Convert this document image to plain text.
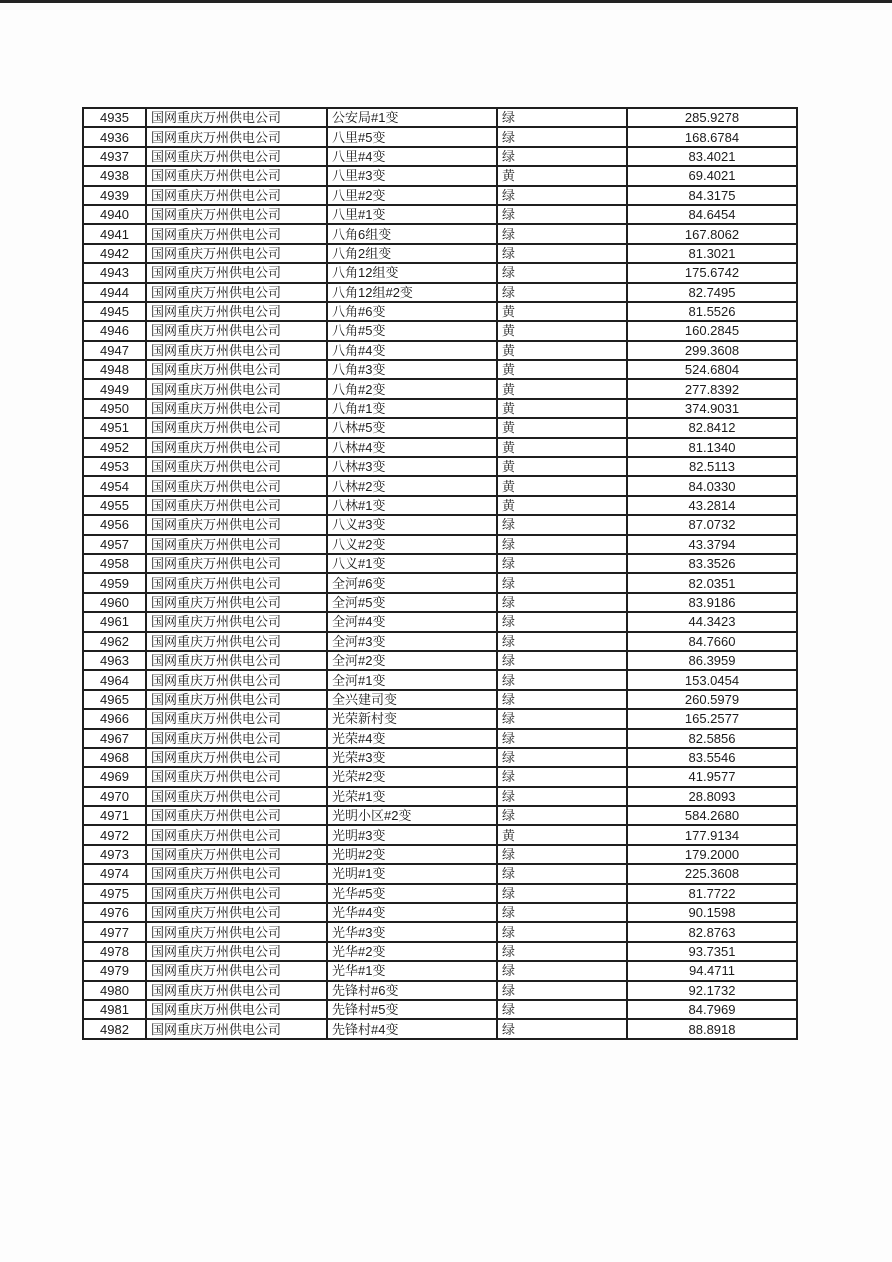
4935	国网重庆万州供电公司	公安局#1变	绿	285.9278
4936	国网重庆万州供电公司	八里#5变	绿	168.6784
4937	国网重庆万州供电公司	八里#4变	绿	83.4021
4938	国网重庆万州供电公司	八里#3变	黄	69.4021
4939	国网重庆万州供电公司	八里#2变	绿	84.3175
4940	国网重庆万州供电公司	八里#1变	绿	84.6454
4941	国网重庆万州供电公司	八角6组变	绿	167.8062
4942	国网重庆万州供电公司	八角2组变	绿	81.3021
4943	国网重庆万州供电公司	八角12组变	绿	175.6742
4944	国网重庆万州供电公司	八角12组#2变	绿	82.7495
4945	国网重庆万州供电公司	八角#6变	黄	81.5526
4946	国网重庆万州供电公司	八角#5变	黄	160.2845
4947	国网重庆万州供电公司	八角#4变	黄	299.3608
4948	国网重庆万州供电公司	八角#3变	黄	524.6804
4949	国网重庆万州供电公司	八角#2变	黄	277.8392
4950	国网重庆万州供电公司	八角#1变	黄	374.9031
4951	国网重庆万州供电公司	八林#5变	黄	82.8412
4952	国网重庆万州供电公司	八林#4变	黄	81.1340
4953	国网重庆万州供电公司	八林#3变	黄	82.5113
4954	国网重庆万州供电公司	八林#2变	黄	84.0330
4955	国网重庆万州供电公司	八林#1变	黄	43.2814
4956	国网重庆万州供电公司	八义#3变	绿	87.0732
4957	国网重庆万州供电公司	八义#2变	绿	43.3794
4958	国网重庆万州供电公司	八义#1变	绿	83.3526
4959	国网重庆万州供电公司	全河#6变	绿	82.0351
4960	国网重庆万州供电公司	全河#5变	绿	83.9186
4961	国网重庆万州供电公司	全河#4变	绿	44.3423
4962	国网重庆万州供电公司	全河#3变	绿	84.7660
4963	国网重庆万州供电公司	全河#2变	绿	86.3959
4964	国网重庆万州供电公司	全河#1变	绿	153.0454
4965	国网重庆万州供电公司	全兴建司变	绿	260.5979
4966	国网重庆万州供电公司	光荣新村变	绿	165.2577
4967	国网重庆万州供电公司	光荣#4变	绿	82.5856
4968	国网重庆万州供电公司	光荣#3变	绿	83.5546
4969	国网重庆万州供电公司	光荣#2变	绿	41.9577
4970	国网重庆万州供电公司	光荣#1变	绿	28.8093
4971	国网重庆万州供电公司	光明小区#2变	绿	584.2680
4972	国网重庆万州供电公司	光明#3变	黄	177.9134
4973	国网重庆万州供电公司	光明#2变	绿	179.2000
4974	国网重庆万州供电公司	光明#1变	绿	225.3608
4975	国网重庆万州供电公司	光华#5变	绿	81.7722
4976	国网重庆万州供电公司	光华#4变	绿	90.1598
4977	国网重庆万州供电公司	光华#3变	绿	82.8763
4978	国网重庆万州供电公司	光华#2变	绿	93.7351
4979	国网重庆万州供电公司	光华#1变	绿	94.4711
4980	国网重庆万州供电公司	先锋村#6变	绿	92.1732
4981	国网重庆万州供电公司	先锋村#5变	绿	84.7969
4982	国网重庆万州供电公司	先锋村#4变	绿	88.8918
